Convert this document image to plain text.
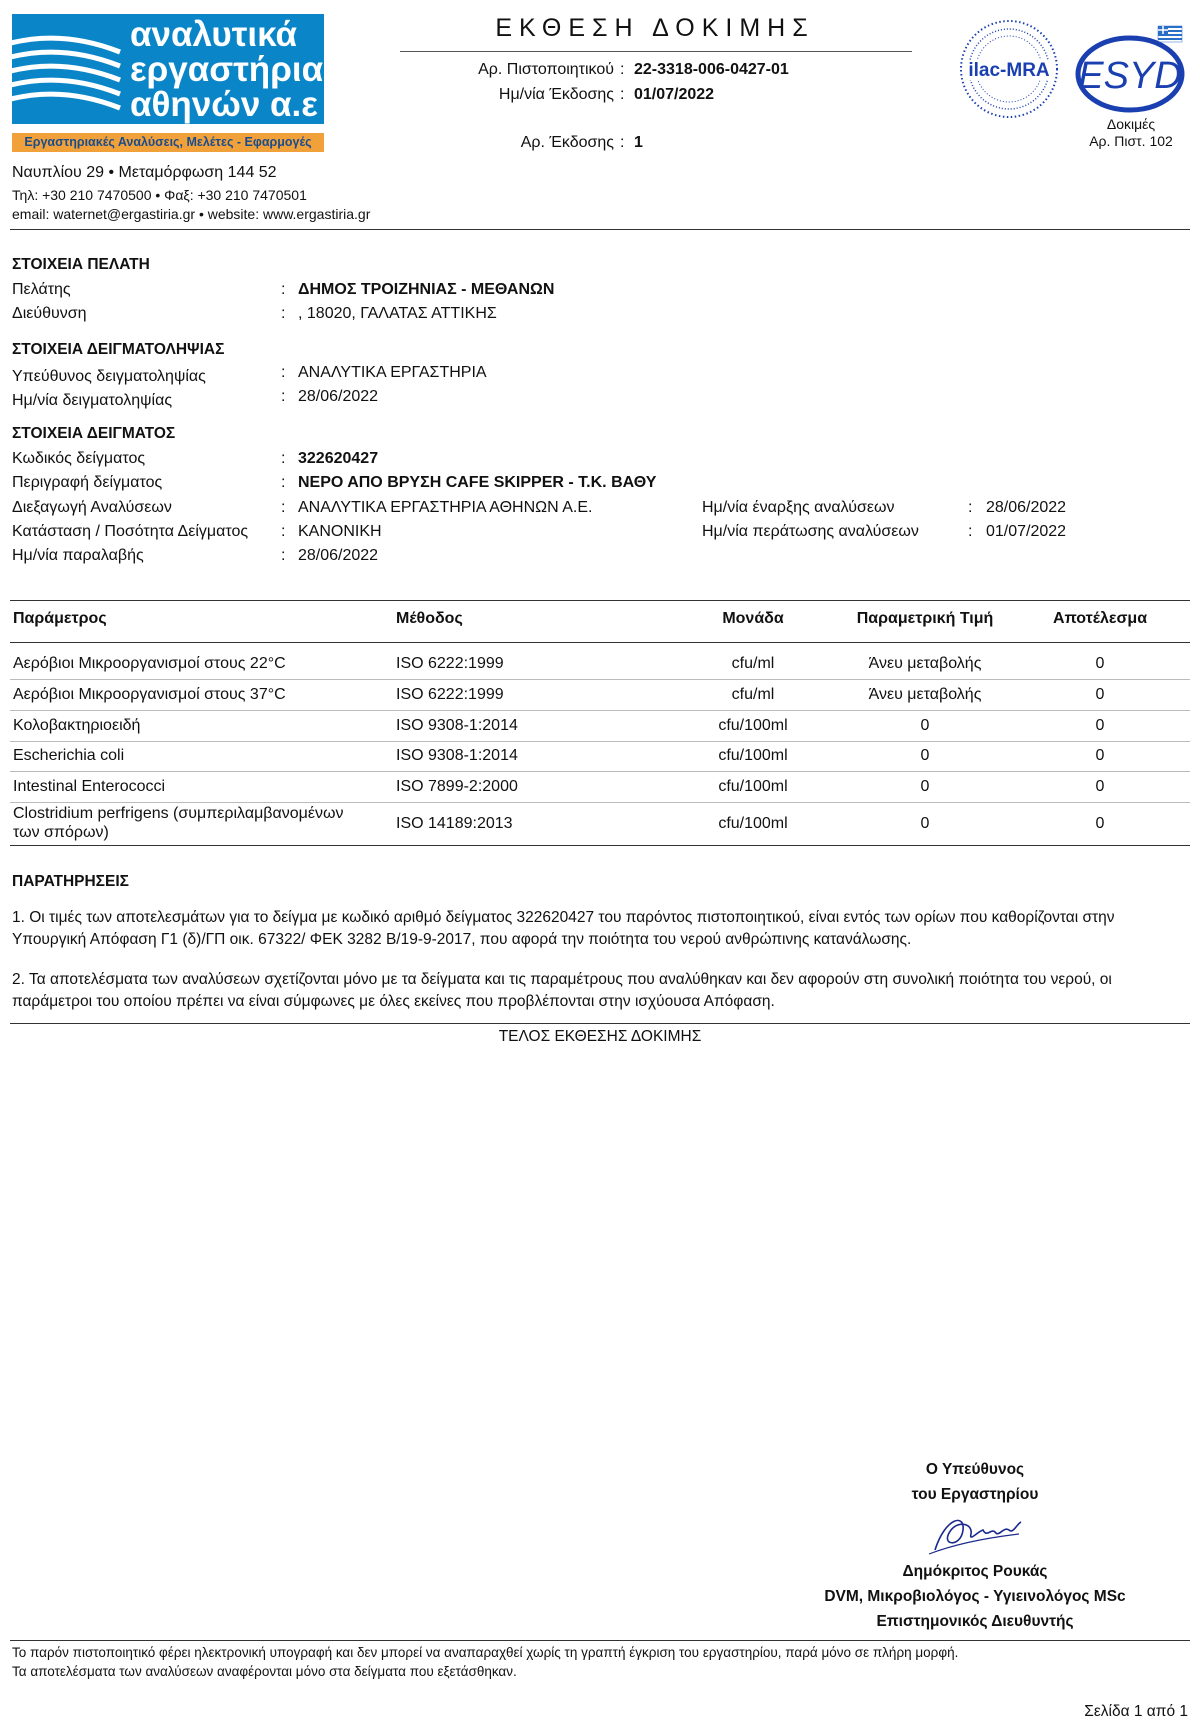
αναλυτικά
εργαστήρια
αθηνών α.ε
Εργαστηριακές Αναλύσεις, Μελέτες - Εφαρμογές
Ναυπλίου 29 • Μεταμόρφωση 144 52
Τηλ: +30 210 7470500 • Φαξ: +30 210 7470501
email: waternet@ergastiria.gr • website: www.ergastiria.gr
ΕΚΘΕΣΗ ΔΟΚΙΜΗΣ
Αρ. Πιστοποιητικού : 22-3318-006-0427-01
Ημ/νία Έκδοσης : 01/07/2022
Αρ. Έκδοσης : 1
ilac-MRA ESYD
Δοκιμές
Αρ. Πιστ. 102
ΣΤΟΙΧΕΙΑ ΠΕΛΑΤΗ
Πελάτης	: ΔΗΜΟΣ ΤΡΟΙΖΗΝΙΑΣ - ΜΕΘΑΝΩΝ
Διεύθυνση	: , 18020, ΓΑΛΑΤΑΣ ΑΤΤΙΚΗΣ
ΣΤΟΙΧΕΙΑ ΔΕΙΓΜΑΤΟΛΗΨΙΑΣ
Υπεύθυνος δειγματοληψίας	: ΑΝΑΛΥΤΙΚΑ ΕΡΓΑΣΤΗΡΙΑ
Ημ/νία δειγματοληψίας	: 28/06/2022
ΣΤΟΙΧΕΙΑ ΔΕΙΓΜΑΤΟΣ
Κωδικός δείγματος	: 322620427
Περιγραφή δείγματος	: ΝΕΡΟ ΑΠΟ ΒΡΥΣΗ CAFE SKIPPER - Τ.Κ. ΒΑΘΥ
Διεξαγωγή Αναλύσεων	: ΑΝΑΛΥΤΙΚΑ ΕΡΓΑΣΤΗΡΙΑ ΑΘΗΝΩΝ Α.Ε.
Κατάσταση / Ποσότητα Δείγματος : ΚΑΝΟΝΙΚΗ
Ημ/νία παραλαβής	: 28/06/2022
Ημ/νία έναρξης αναλύσεων	: 28/06/2022
Ημ/νία περάτωσης αναλύσεων	: 01/07/2022
Παράμετρος	Μέθοδος	Μονάδα	Παραμετρική Τιμή	Αποτέλεσμα
Αερόβιοι Μικροοργανισμοί στους 22°C	ISO 6222:1999	cfu/ml	Άνευ μεταβολής	0
Αερόβιοι Μικροοργανισμοί στους 37°C	ISO 6222:1999	cfu/ml	Άνευ μεταβολής	0
Κολοβακτηριοειδή	ISO 9308-1:2014	cfu/100ml	0	0
Escherichia coli	ISO 9308-1:2014	cfu/100ml	0	0
Intestinal Enterococci	ISO 7899-2:2000	cfu/100ml	0	0
Clostridium perfrigens (συμπεριλαμβανομένων
των σπόρων)
ISO 14189:2013	cfu/100ml	0	0
ΠΑΡΑΤΗΡΗΣΕΙΣ
1. Οι τιμές των αποτελεσμάτων για το δείγμα με κωδικό αριθμό δείγματος 322620427 του παρόντος πιστοποιητικού, είναι εντός των ορίων που καθορίζονται στην Υπουργική Απόφαση Γ1 (δ)/ΓΠ οικ. 67322/ ΦΕΚ 3282 Β/19-9-2017, που αφορά την ποιότητα του νερού ανθρώπινης κατανάλωσης.
2. Τα αποτελέσματα των αναλύσεων σχετίζονται μόνο με τα δείγματα και τις παραμέτρους που αναλύθηκαν και δεν αφορούν στη συνολική ποιότητα του νερού, οι παράμετροι του οποίου πρέπει να είναι σύμφωνες με όλες εκείνες που προβλέπονται στην ισχύουσα Απόφαση.
ΤΕΛΟΣ ΕΚΘΕΣΗΣ ΔΟΚΙΜΗΣ
Ο Υπεύθυνος
του Εργαστηρίου
Δημόκριτος Ρουκάς
DVM, Μικροβιολόγος - Υγιεινολόγος MSc
Επιστημονικός Διευθυντής
Το παρόν πιστοποιητικό φέρει ηλεκτρονική υπογραφή και δεν μπορεί να αναπαραχθεί χωρίς τη γραπτή έγκριση του εργαστηρίου, παρά μόνο σε πλήρη μορφή.
Τα αποτελέσματα των αναλύσεων αναφέρονται μόνο στα δείγματα που εξετάσθηκαν.
Σελίδα 1 από 1
